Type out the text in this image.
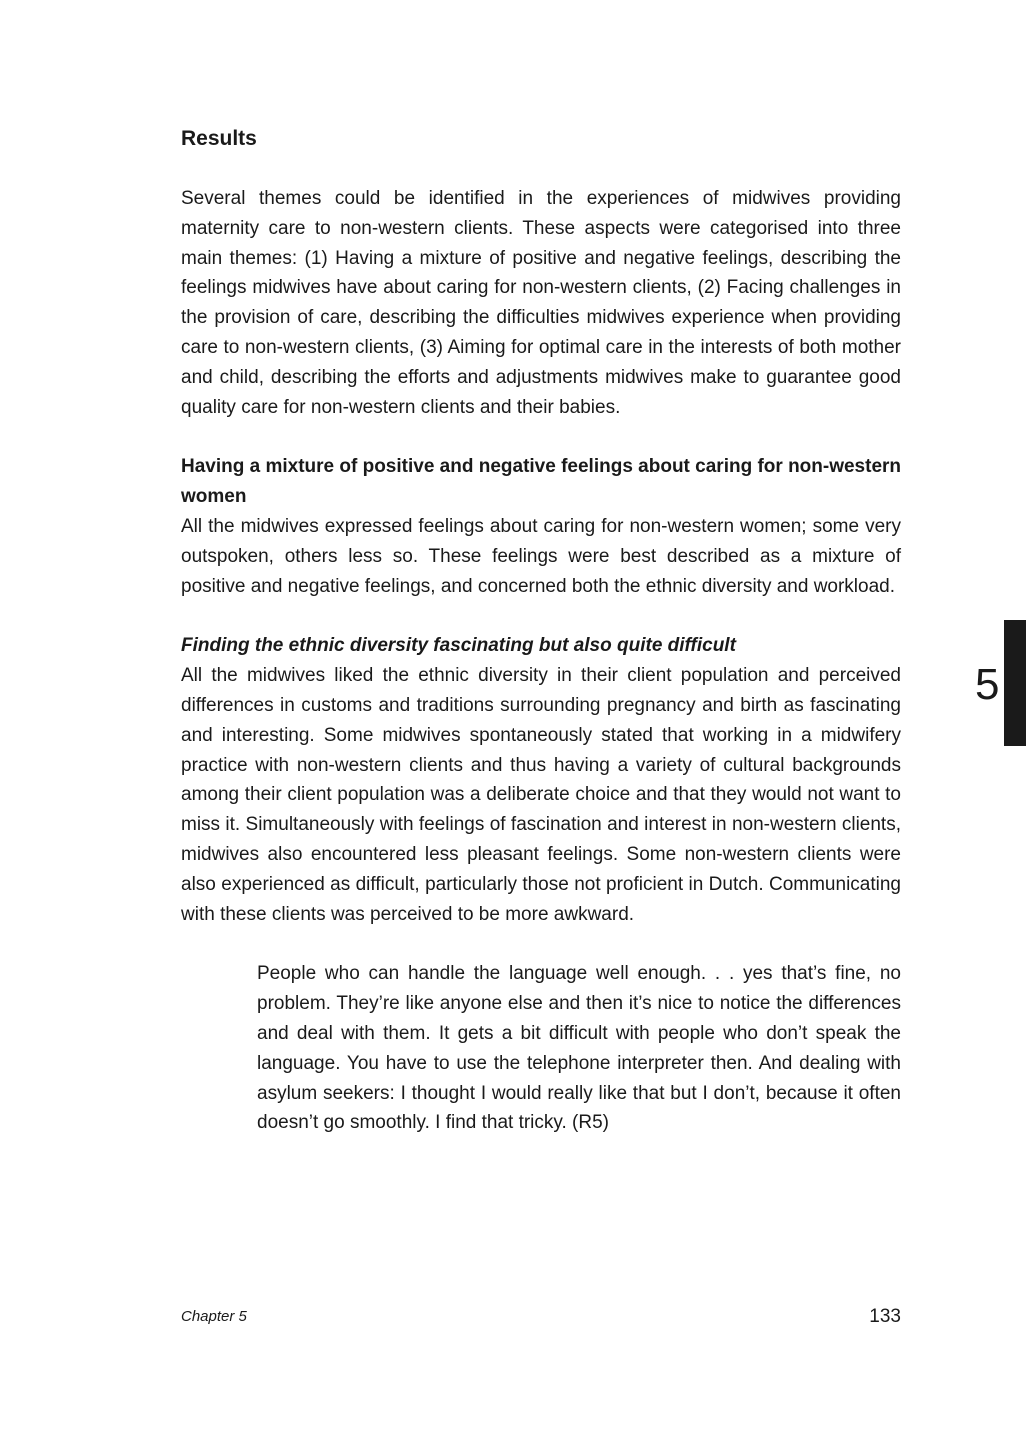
Results

Several themes could be identified in the experiences of midwives providing maternity care to non-western clients. These aspects were categorised into three main themes: (1) Having a mixture of positive and negative feelings, describing the feelings midwives have about caring for non-western clients, (2) Facing challenges in the provision of care, describing the difficulties midwives experience when providing care to non-western clients, (3) Aiming for optimal care in the interests of both mother and child, describing the efforts and adjustments midwives make to guarantee good quality care for non-western clients and their babies.

Having a mixture of positive and negative feelings about caring for non-western women

All the midwives expressed feelings about caring for non-western women; some very outspoken, others less so. These feelings were best described as a mixture of positive and negative feelings, and concerned both the ethnic diversity and workload.

Finding the ethnic diversity fascinating but also quite difficult

All the midwives liked the ethnic diversity in their client population and perceived differences in customs and traditions surrounding pregnancy and birth as fascinating and interesting. Some midwives spontaneously stated that working in a midwifery practice with non-western clients and thus having a variety of cultural backgrounds among their client population was a deliberate choice and that they would not want to miss it. Simultaneously with feelings of fascination and interest in non-western clients, midwives also encountered less pleasant feelings. Some non-western clients were also experienced as difficult, particularly those not proficient in Dutch. Communicating with these clients was perceived to be more awkward.

People who can handle the language well enough. . . yes that’s fine, no problem. They’re like anyone else and then it’s nice to notice the differences and deal with them. It gets a bit difficult with people who don’t speak the language. You have to use the telephone interpreter then. And dealing with asylum seekers: I thought I would really like that but I don’t, because it often doesn’t go smoothly. I find that tricky. (R5)

5
Chapter 5	133
